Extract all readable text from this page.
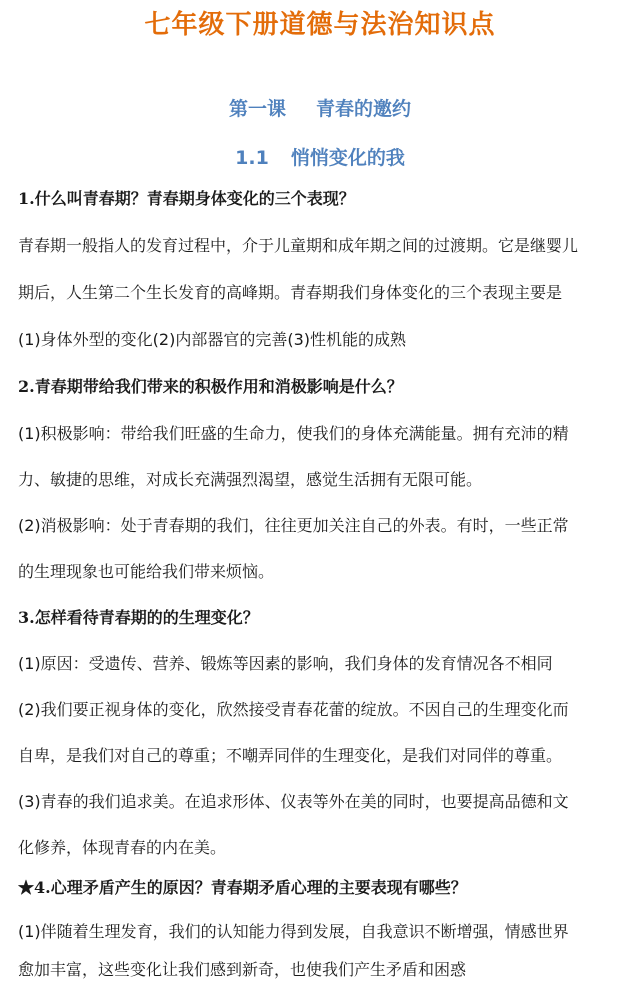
七年级下册道德与法治知识点
第一课 青春的邀约
1.1 悄悄变化的我
1.什么叫青春期？青春期身体变化的三个表现？
青春期一般指人的发育过程中，介于儿童期和成年期之间的过渡期。它是继婴儿
期后，人生第二个生长发育的高峰期。青春期我们身体变化的三个表现主要是
(1)身体外型的变化(2)内部器官的完善(3)性机能的成熟
2.青春期带给我们带来的积极作用和消极影响是什么？
(1)积极影响：带给我们旺盛的生命力，使我们的身体充满能量。拥有充沛的精
力、敏捷的思维，对成长充满强烈渴望，感觉生活拥有无限可能。
(2)消极影响：处于青春期的我们，往往更加关注自己的外表。有时，一些正常
的生理现象也可能给我们带来烦恼。
3.怎样看待青春期的的生理变化？
(1)原因：受遗传、营养、锻炼等因素的影响，我们身体的发育情况各不相同
(2)我们要正视身体的变化，欣然接受青春花蕾的绽放。不因自己的生理变化而
自卑，是我们对自己的尊重；不嘲弄同伴的生理变化，是我们对同伴的尊重。
(3)青春的我们追求美。在追求形体、仪表等外在美的同时，也要提高品德和文
化修养，体现青春的内在美。
★4.心理矛盾产生的原因？青春期矛盾心理的主要表现有哪些？
(1)伴随着生理发育，我们的认知能力得到发展，自我意识不断增强，情感世界
愈加丰富，这些变化让我们感到新奇，也使我们产生矛盾和困惑
